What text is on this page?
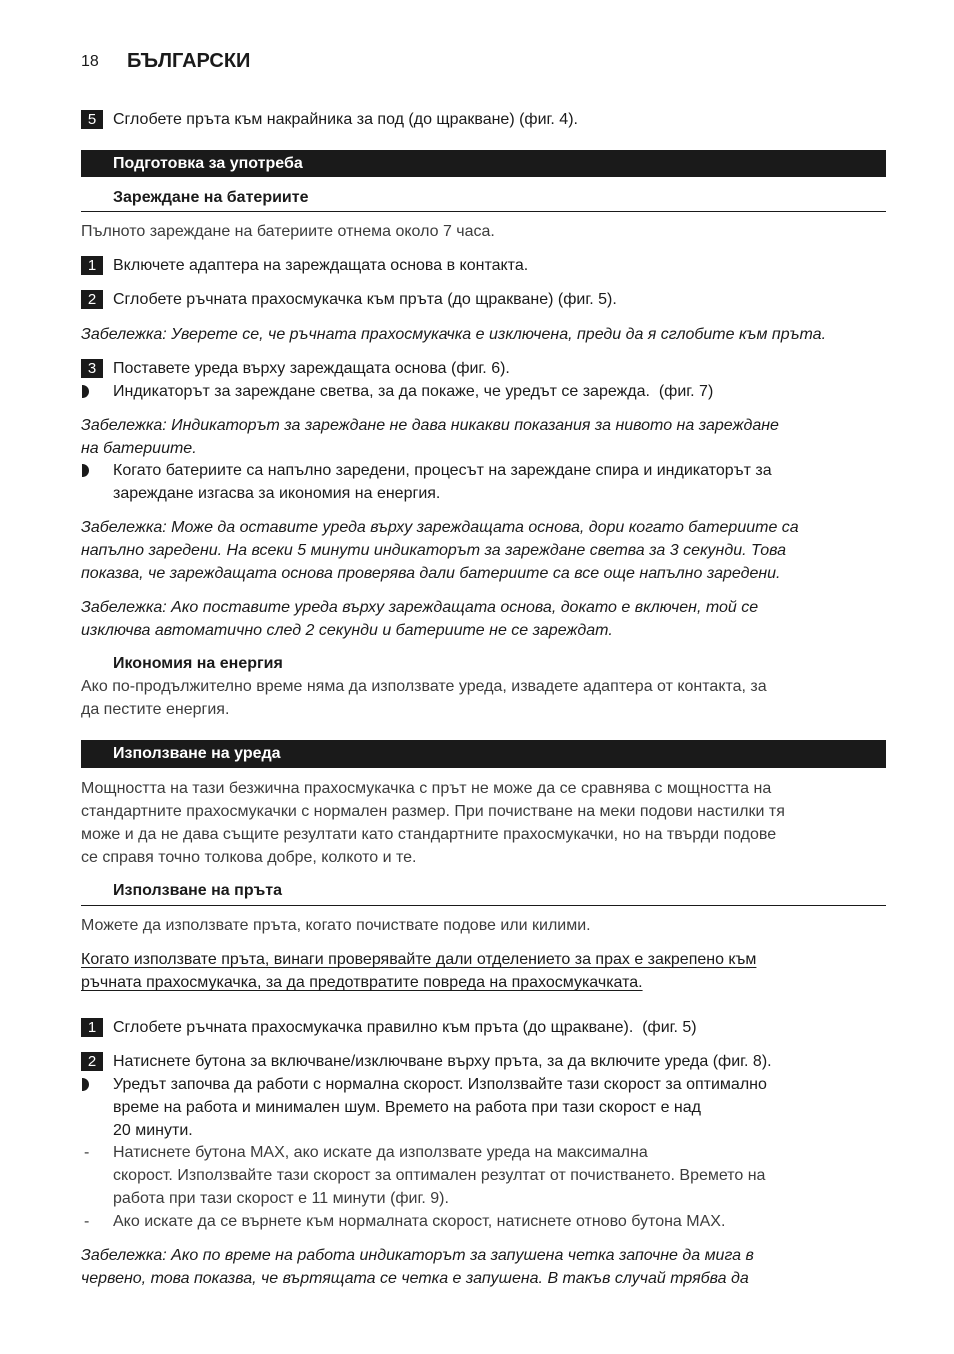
18 БЪЛГАРСКИ
5	Сглобете пръта към накрайника за под (до щракване) (фиг. 4).
Подготовка за употреба
Зареждане на батериите
Пълното зареждане на батериите отнема около 7 часа.
1	Включете адаптера на зареждащата основа в контакта.
2	Сглобете ръчната прахосмукачка към пръта (до щракване) (фиг. 5).
Забележка: Уверете се, че ръчната прахосмукачка е изключена, преди да я сглобите към пръта.
3	Поставете уреда върху зареждащата основа (фиг. 6).
Индикаторът за зареждане светва, за да покаже, че уредът се зарежда.  (фиг. 7)
Забележка: Индикаторът за зареждане не дава никакви показания за нивото на зареждане
на батериите.
Когато батериите са напълно заредени, процесът на зареждане спира и индикаторът за
зареждане изгасва за икономия на енергия.
Забележка: Може да оставите уреда върху зареждащата основа, дори когато батериите са
напълно заредени. На всеки 5 минути индикаторът за зареждане светва за 3 секунди. Това
показва, че зареждащата основа проверява дали батериите са все още напълно заредени.
Забележка: Ако поставите уреда върху зареждащата основа, докато е включен, той се
изключва автоматично след 2 секунди и батериите не се зареждат.
Икономия на енергия
Ако по-продължително време няма да използвате уреда, извадете адаптера от контакта, за
да пестите енергия.
Използване на уреда
Мощността на тази безжична прахосмукачка с прът не може да се сравнява с мощността на
стандартните прахосмукачки с нормален размер. При почистване на меки подови настилки тя
може и да не дава същите резултати като стандартните прахосмукачки, но на твърди подове
се справя точно толкова добре, колкото и те.
Използване на пръта
Можете да използвате пръта, когато почиствате подове или килими.
Когато използвате пръта, винаги проверявайте дали отделението за прах е закрепено към
ръчната прахосмукачка, за да предотвратите повреда на прахосмукачката.
1	Сглобете ръчната прахосмукачка правилно към пръта (до щракване).  (фиг. 5)
2	Натиснете бутона за включване/изключване върху пръта, за да включите уреда (фиг. 8).
Уредът започва да работи с нормална скорост. Използвайте тази скорост за оптимално
време на работа и минимален шум. Времето на работа при тази скорост е над
20 минути.
- Натиснете бутона MAX, ако искате да използвате уреда на максимална
скорост. Използвайте тази скорост за оптимален резултат от почистването. Времето на
работа при тази скорост е 11 минути (фиг. 9).
- Ако искате да се върнете към нормалната скорост, натиснете отново бутона MAX.
Забележка: Ако по време на работа индикаторът за запушена четка започне да мига в
червено, това показва, че въртящата се четка е запушена. В такъв случай трябва да
